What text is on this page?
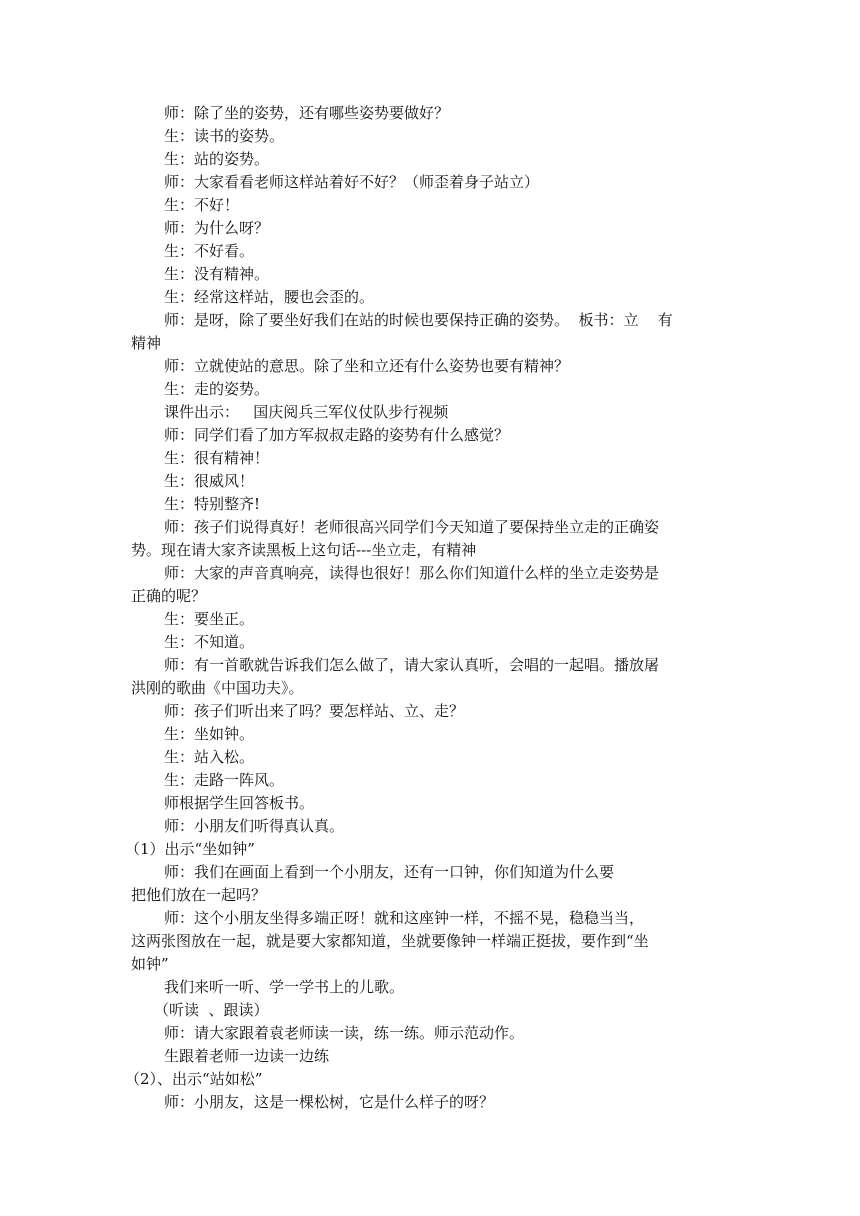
师：除了坐的姿势，还有哪些姿势要做好？
生：读书的姿势。
生：站的姿势。
师：大家看看老师这样站着好不好？（师歪着身子站立）
生：不好！
师：为什么呀？
生：不好看。
生：没有精神。
生：经常这样站，腰也会歪的。
师：是呀，除了要坐好我们在站的时候也要保持正确的姿势。  板书：立    有
精神
师：立就使站的意思。除了坐和立还有什么姿势也要有精神？
生：走的姿势。
课件出示：   国庆阅兵三军仪仗队步行视频
师：同学们看了加方军叔叔走路的姿势有什么感觉？
生：很有精神！
生：很威风！
生：特别整齐!
师：孩子们说得真好！老师很高兴同学们今天知道了要保持坐立走的正确姿
势。现在请大家齐读黑板上这句话---坐立走，有精神
师：大家的声音真响亮，读得也很好！那么你们知道什么样的坐立走姿势是
正确的呢？
生：要坐正。
生：不知道。
师：有一首歌就告诉我们怎么做了，请大家认真听，会唱的一起唱。播放屠
洪刚的歌曲《中国功夫》。
师：孩子们听出来了吗？要怎样站、立、走？
生：坐如钟。
生：站入松。
生：走路一阵风。
师根据学生回答板书。
师：小朋友们听得真认真。
（1）出示“坐如钟”
师：我们在画面上看到一个小朋友，还有一口钟，你们知道为什么要
把他们放在一起吗？
师：这个小朋友坐得多端正呀！就和这座钟一样，不摇不晃，稳稳当当，
这两张图放在一起，就是要大家都知道，坐就要像钟一样端正挺拔，要作到“坐
如钟”
我们来听一听、学一学书上的儿歌。
（听读  、跟读）
师：请大家跟着袁老师读一读，练一练。师示范动作。
生跟着老师一边读一边练
（2）、出示“站如松”
师：小朋友，这是一棵松树，它是什么样子的呀？
